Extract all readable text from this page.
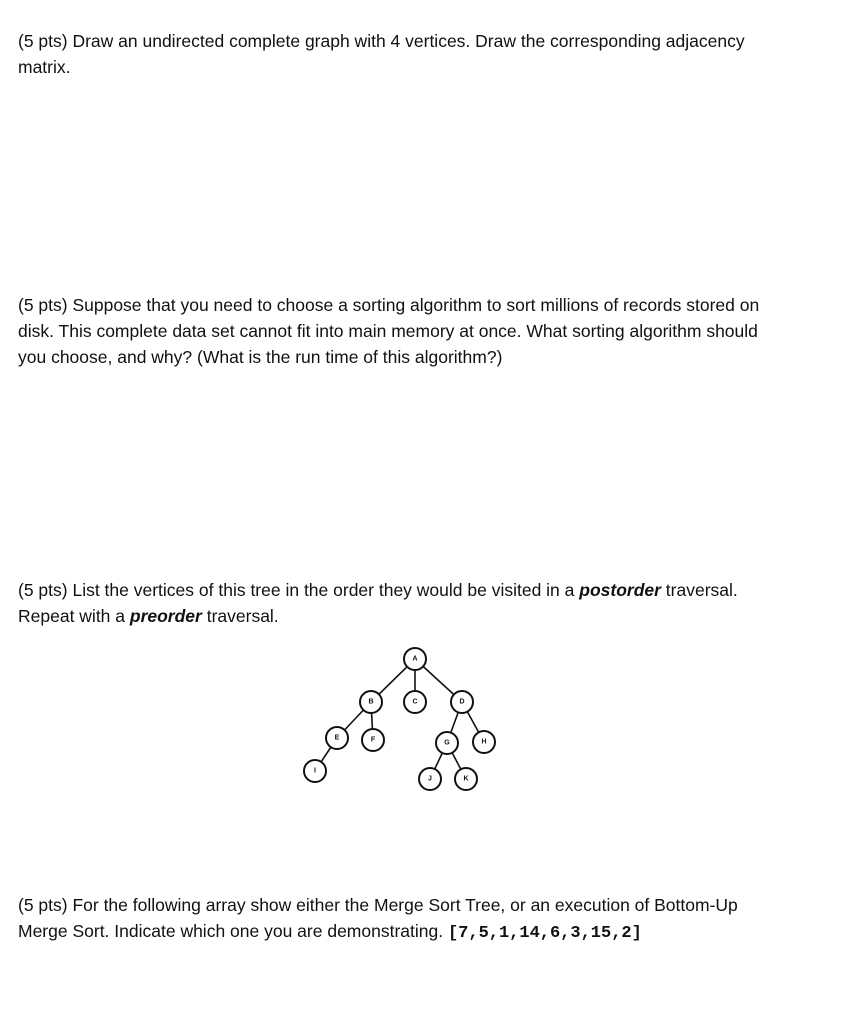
(5 pts) Draw an undirected complete graph with 4 vertices. Draw the corresponding adjacency
matrix.
(5 pts) Suppose that you need to choose a sorting algorithm to sort millions of records stored on
disk. This complete data set cannot fit into main memory at once. What sorting algorithm should
you choose, and why? (What is the run time of this algorithm?)
(5 pts) List the vertices of this tree in the order they would be visited in a postorder traversal.
Repeat with a preorder traversal.
A
B	C	D
E	F	G	H
I
J	K
(5 pts) For the following array show either the Merge Sort Tree, or an execution of Bottom-Up
Merge Sort. Indicate which one you are demonstrating. [7,5,1,14,6,3,15,2]
